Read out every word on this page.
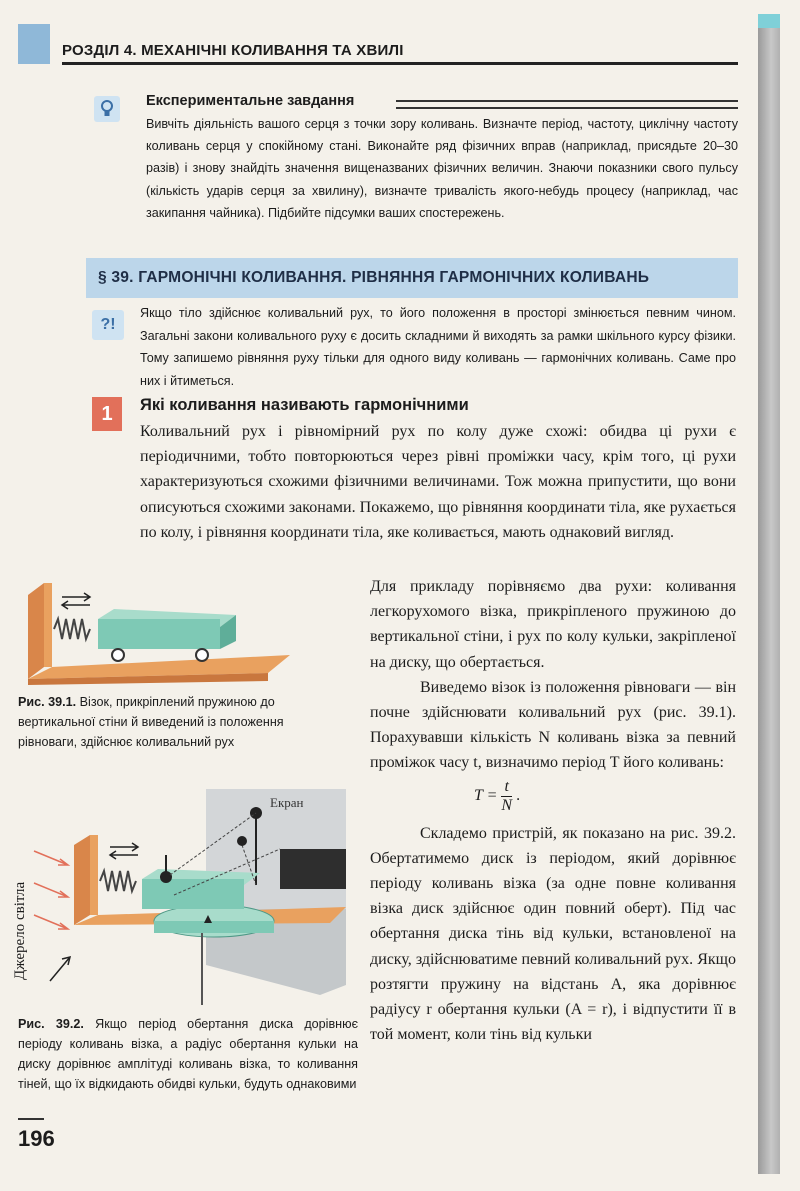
РОЗДІЛ 4. МЕХАНІЧНІ КОЛИВАННЯ ТА ХВИЛІ
Експериментальне завдання
Вивчіть діяльність вашого серця з точки зору коливань. Визначте період, частоту, циклічну частоту коливань серця у спокійному стані. Виконайте ряд фізичних вправ (наприклад, присядьте 20–30 разів) і знову знайдіть значення вищеназваних фізичних величин. Знаючи показники свого пульсу (кількість ударів серця за хвилину), визначте тривалість якого-небудь процесу (наприклад, час закипання чайника). Підбийте підсумки ваших спостережень.
§ 39. ГАРМОНІЧНІ КОЛИВАННЯ. РІВНЯННЯ ГАРМОНІЧНИХ КОЛИВАНЬ
?!
Якщо тіло здійснює коливальний рух, то його положення в просторі змінюється певним чином. Загальні закони коливального руху є досить складними й виходять за рамки шкільного курсу фізики. Тому запишемо рівняння руху тільки для одного виду коливань — гармонічних коливань. Саме про них і йтиметься.
1	Які коливання називають гармонічними
Коливальний рух і рівномірний рух по колу дуже схожі: обидва ці рухи є періодичними, тобто повторюються через рівні проміжки часу, крім того, ці рухи характеризуються схожими фізичними величинами. Тож можна припустити, що вони описуються схожими законами. Покажемо, що рівняння координати тіла, яке рухається по колу, і рівняння координати тіла, яке коливається, мають однаковий вигляд.
Для прикладу порівняємо два рухи: коливання легкорухомого візка, прикріпленого пружиною до вертикальної стіни, і рух по колу кульки, закріпленої на диску, що обертається.
Виведемо візок із положення рівноваги — він почне здійснювати коливальний рух (рис. 39.1). Порахувавши кількість N коливань візка за певний проміжок часу t, визначимо період T його коливань:
$T = \frac{t}{N}$ .
Складемо пристрій, як показано на рис. 39.2. Обертатимемо диск із періодом, який дорівнює періоду коливань візка (за одне повне коливання візка диск здійснює один повний оберт). Під час обертання диска тінь від кульки, встановленої на диску, здійснюватиме певний коливальний рух. Якщо розтягти пружину на відстань A, яка дорівнює радіусу r обертання кульки (A = r), і відпустити її в той момент, коли тінь від кульки
Рис. 39.1. Візок, прикріплений пружиною до вертикальної стіни й виведений із положення рівноваги, здійснює коливальний рух
Екран
Джерело світла
Рис. 39.2. Якщо період обертання диска дорівнює періоду коливань візка, а радіус обертання кульки на диску дорівнює амплітуді коливань візка, то коливання тіней, що їх відкидають обидві кульки, будуть однаковими
196
